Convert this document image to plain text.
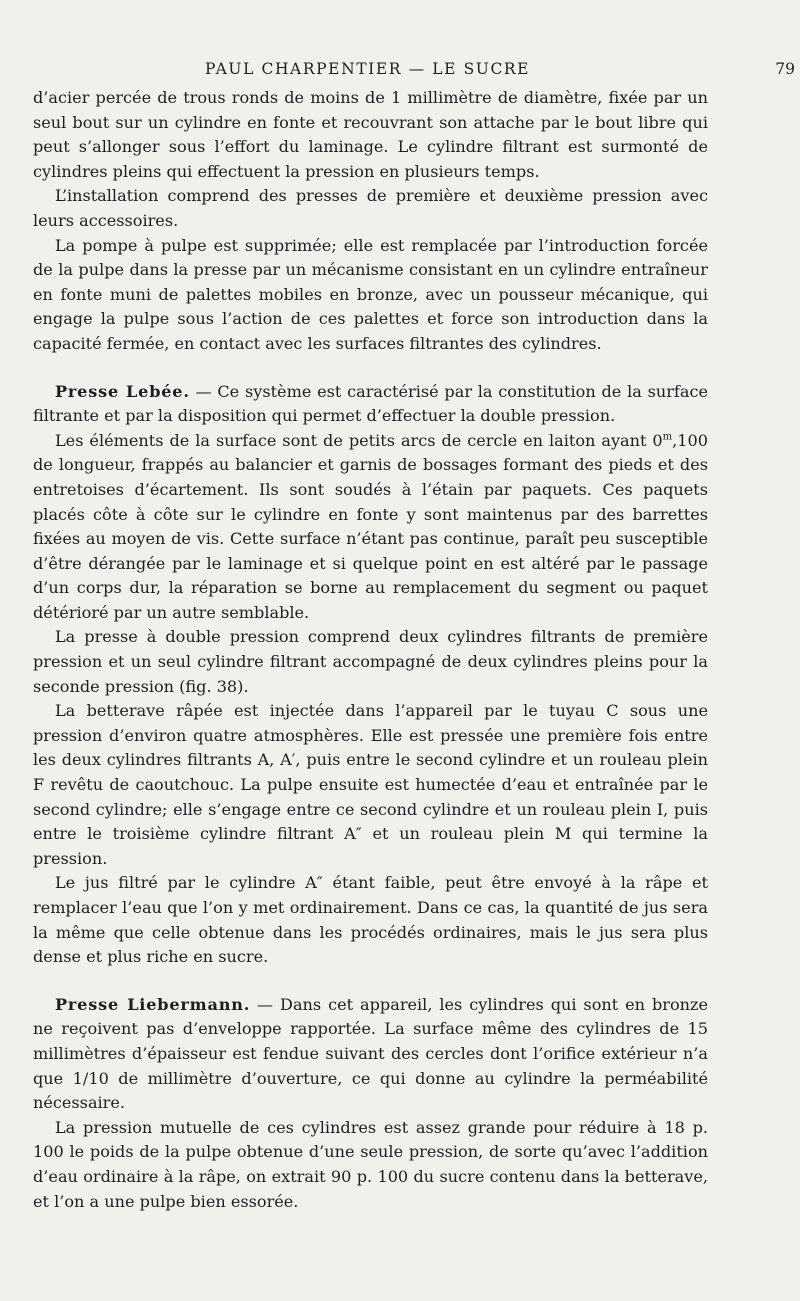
PAUL CHARPENTIER — LE SUCRE	79

d’acier percée de trous ronds de moins de 1 millimètre de diamètre, fixée par un seul bout sur un cylindre en fonte et recouvrant son attache par le bout libre qui peut s’allonger sous l’effort du laminage. Le cylindre filtrant est surmonté de cylindres pleins qui effectuent la pression en plusieurs temps.

L’installation comprend des presses de première et deuxième pression avec leurs accessoires.

La pompe à pulpe est supprimée; elle est remplacée par l’introduction forcée de la pulpe dans la presse par un mécanisme consistant en un cylindre entraîneur en fonte muni de palettes mobiles en bronze, avec un pousseur mécanique, qui engage la pulpe sous l’action de ces palettes et force son introduction dans la capacité fermée, en contact avec les surfaces filtrantes des cylindres.

Presse Lebée. — Ce système est caractérisé par la constitution de la surface filtrante et par la disposition qui permet d’effectuer la double pression.

Les éléments de la surface sont de petits arcs de cercle en laiton ayant 0$^m$,100 de longueur, frappés au balancier et garnis de bossages formant des pieds et des entretoises d’écartement. Ils sont soudés à l’étain par paquets. Ces paquets placés côte à côte sur le cylindre en fonte y sont maintenus par des barrettes fixées au moyen de vis. Cette surface n’étant pas continue, paraît peu susceptible d’être dérangée par le laminage et si quelque point en est altéré par le passage d’un corps dur, la réparation se borne au remplacement du segment ou paquet détérioré par un autre semblable.

La presse à double pression comprend deux cylindres filtrants de première pression et un seul cylindre filtrant accompagné de deux cylindres pleins pour la seconde pression (fig. 38).

La betterave râpée est injectée dans l’appareil par le tuyau C sous une pression d’environ quatre atmosphères. Elle est pressée une première fois entre les deux cylindres filtrants A, A′, puis entre le second cylindre et un rouleau plein F revêtu de caoutchouc. La pulpe ensuite est humectée d’eau et entraînée par le second cylindre; elle s’engage entre ce second cylindre et un rouleau plein I, puis entre le troisième cylindre filtrant A″ et un rouleau plein M qui termine la pression.

Le jus filtré par le cylindre A″ étant faible, peut être envoyé à la râpe et remplacer l’eau que l’on y met ordinairement. Dans ce cas, la quantité de jus sera la même que celle obtenue dans les procédés ordinaires, mais le jus sera plus dense et plus riche en sucre.

Presse Liebermann. — Dans cet appareil, les cylindres qui sont en bronze ne reçoivent pas d’enveloppe rapportée. La surface même des cylindres de 15 millimètres d’épaisseur est fendue suivant des cercles dont l’orifice extérieur n’a que 1/10 de millimètre d’ouverture, ce qui donne au cylindre la perméabilité nécessaire.

La pression mutuelle de ces cylindres est assez grande pour réduire à 18 p. 100 le poids de la pulpe obtenue d’une seule pression, de sorte qu’avec l’addition d’eau ordinaire à la râpe, on extrait 90 p. 100 du sucre contenu dans la betterave, et l’on a une pulpe bien essorée.
